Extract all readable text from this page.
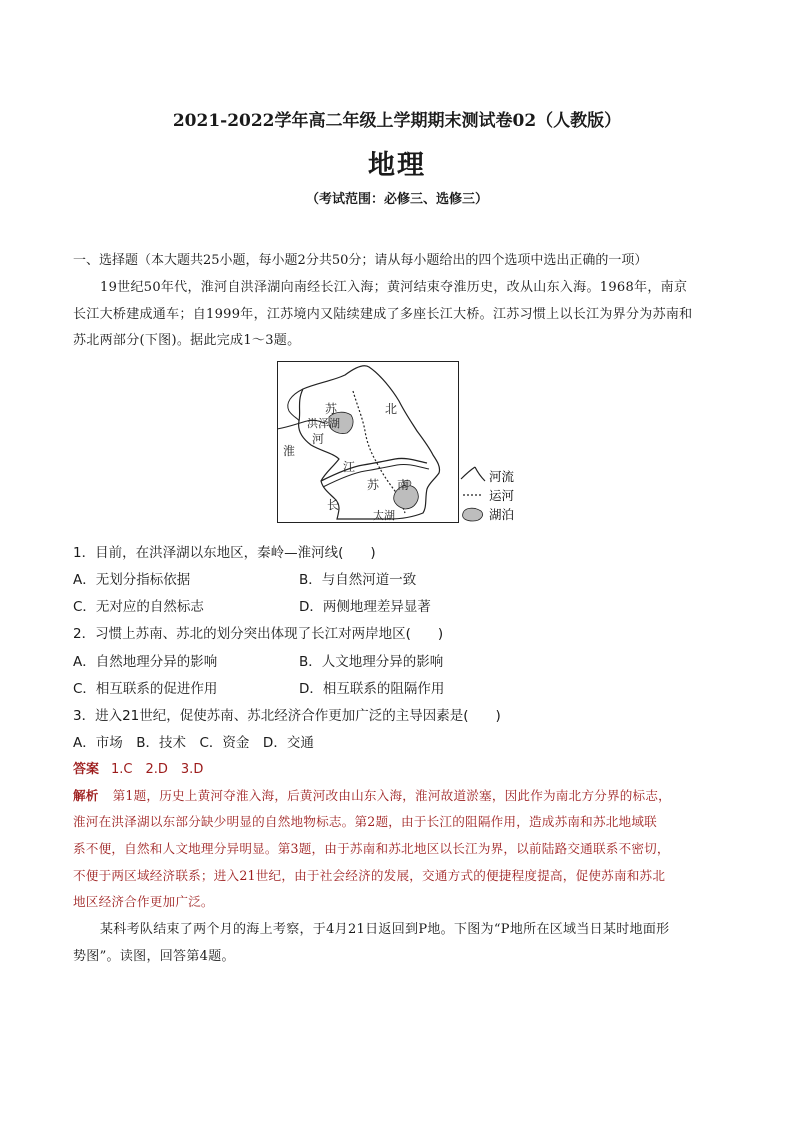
2021-2022学年高二年级上学期期末测试卷02（人教版）
地理
（考试范围：必修三、选修三）
一、选择题（本大题共25小题，每小题2分共50分；请从每小题给出的四个选项中选出正确的一项）
19世纪50年代，淮河自洪泽湖向南经长江入海；黄河结束夺淮历史，改从山东入海。1968年，南京
长江大桥建成通车；自1999年，江苏境内又陆续建成了多座长江大桥。江苏习惯上以长江为界分为苏南和
苏北两部分(下图)。据此完成1～3题。
苏	北
洪泽湖
河
淮
江
苏 南
长
太湖
河流
运河
湖泊
1．目前，在洪泽湖以东地区，秦岭—淮河线(　　)
A．无划分指标依据	B．与自然河道一致
C．无对应的自然标志	D．两侧地理差异显著
2．习惯上苏南、苏北的划分突出体现了长江对两岸地区(　　)
A．自然地理分异的影响	B．人文地理分异的影响
C．相互联系的促进作用	D．相互联系的阻隔作用
3．进入21世纪，促使苏南、苏北经济合作更加广泛的主导因素是(　　)
A．市场　B．技术　C．资金　D．交通
答案 1.C　2.D　3.D
解析 第1题，历史上黄河夺淮入海，后黄河改由山东入海，淮河故道淤塞，因此作为南北方分界的标志，
淮河在洪泽湖以东部分缺少明显的自然地物标志。第2题，由于长江的阻隔作用，造成苏南和苏北地域联
系不便，自然和人文地理分异明显。第3题，由于苏南和苏北地区以长江为界，以前陆路交通联系不密切，
不便于两区域经济联系；进入21世纪，由于社会经济的发展，交通方式的便捷程度提高，促使苏南和苏北
地区经济合作更加广泛。
某科考队结束了两个月的海上考察，于4月21日返回到P地。下图为“P地所在区域当日某时地面形
势图”。读图，回答第4题。
